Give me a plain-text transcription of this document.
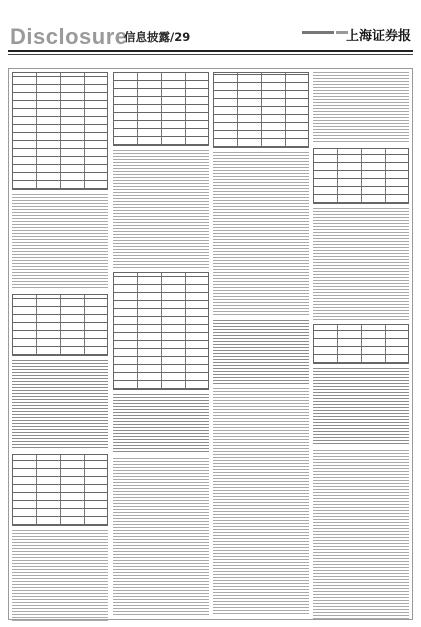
Disclosure
信息披露/29	上海证券报
